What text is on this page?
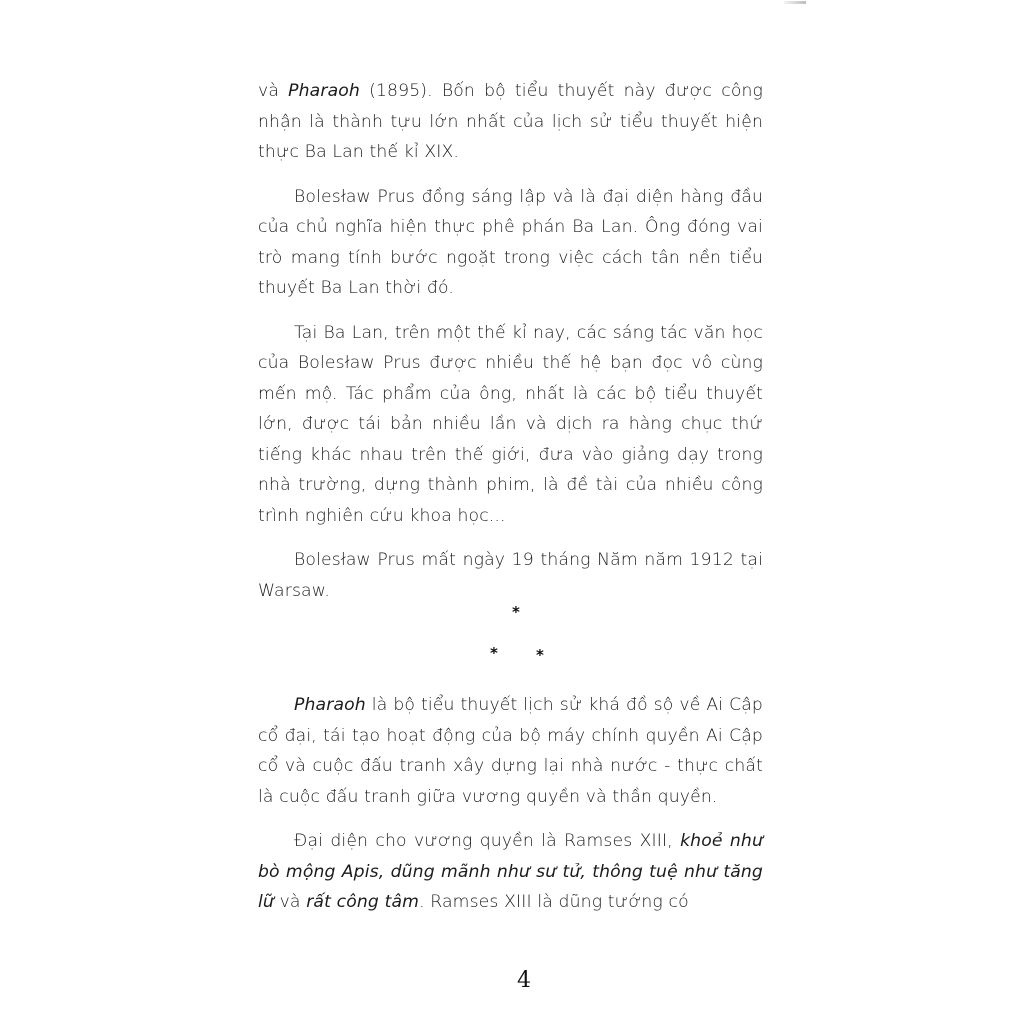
và Pharaoh (1895). Bốn bộ tiểu thuyết này được công nhận là thành tựu lớn nhất của lịch sử tiểu thuyết hiện thực Ba Lan thế kỉ XIX.

Bolesław Prus đồng sáng lập và là đại diện hàng đầu của chủ nghĩa hiện thực phê phán Ba Lan. Ông đóng vai trò mang tính bước ngoặt trong việc cách tân nền tiểu thuyết Ba Lan thời đó.

Tại Ba Lan, trên một thế kỉ nay, các sáng tác văn học của Bolesław Prus được nhiều thế hệ bạn đọc vô cùng mến mộ. Tác phẩm của ông, nhất là các bộ tiểu thuyết lớn, được tái bản nhiều lần và dịch ra hàng chục thứ tiếng khác nhau trên thế giới, đưa vào giảng dạy trong nhà trường, dựng thành phim, là đề tài của nhiều công trình nghiên cứu khoa học...

Bolesław Prus mất ngày 19 tháng Năm năm 1912 tại Warsaw.

*
*	*

Pharaoh là bộ tiểu thuyết lịch sử khá đồ sộ về Ai Cập cổ đại, tái tạo hoạt động của bộ máy chính quyền Ai Cập cổ và cuộc đấu tranh xây dựng lại nhà nước - thực chất là cuộc đấu tranh giữa vương quyền và thần quyền.

Đại diện cho vương quyền là Ramses XIII, khoẻ như bò mộng Apis, dũng mãnh như sư tử, thông tuệ như tăng lữ và rất công tâm. Ramses XIII là dũng tướng có

4
